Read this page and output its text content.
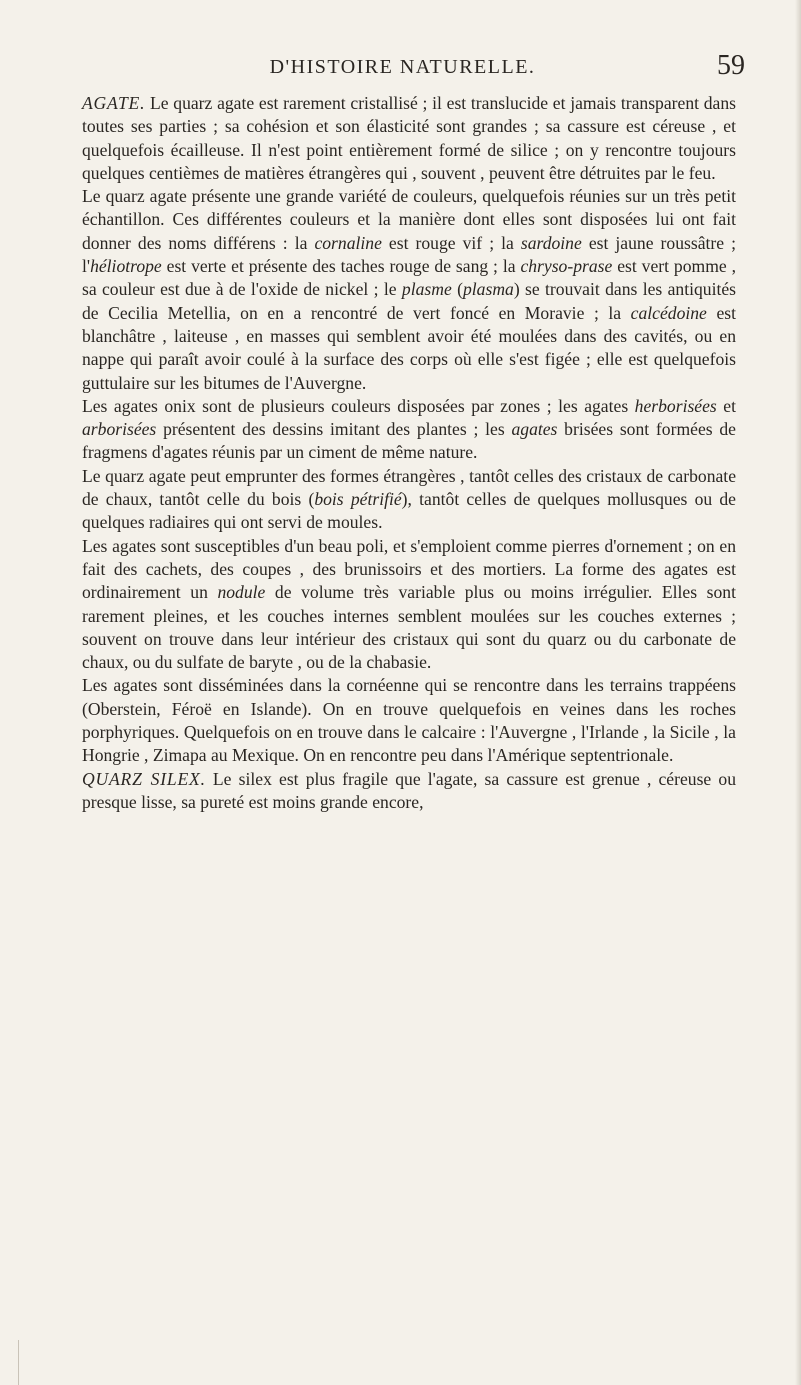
D'HISTOIRE NATURELLE.	59

AGATE. Le quarz agate est rarement cristallisé ; il est translucide et jamais transparent dans toutes ses parties ; sa cohésion et son élasticité sont grandes ; sa cassure est céreuse , et quelquefois écailleuse. Il n'est point entièrement formé de silice ; on y rencontre toujours quelques centièmes de matières étrangères qui , souvent , peuvent être détruites par le feu.

Le quarz agate présente une grande variété de couleurs, quelquefois réunies sur un très petit échantillon. Ces différentes couleurs et la manière dont elles sont disposées lui ont fait donner des noms différens : la cornaline est rouge vif ; la sardoine est jaune roussâtre ; l'héliotrope est verte et présente des taches rouge de sang ; la chryso-prase est vert pomme , sa couleur est due à de l'oxide de nickel ; le plasme (plasma) se trouvait dans les antiquités de Cecilia Metellia, on en a rencontré de vert foncé en Moravie ; la calcédoine est blanchâtre , laiteuse , en masses qui semblent avoir été moulées dans des cavités, ou en nappe qui paraît avoir coulé à la surface des corps où elle s'est figée ; elle est quelquefois guttulaire sur les bitumes de l'Auvergne.

Les agates onix sont de plusieurs couleurs disposées par zones ; les agates herborisées et arborisées présentent des dessins imitant des plantes ; les agates brisées sont formées de fragmens d'agates réunis par un ciment de même nature.

Le quarz agate peut emprunter des formes étrangères , tantôt celles des cristaux de carbonate de chaux, tantôt celle du bois (bois pétrifié), tantôt celles de quelques mollusques ou de quelques radiaires qui ont servi de moules.

Les agates sont susceptibles d'un beau poli, et s'emploient comme pierres d'ornement ; on en fait des cachets, des coupes , des brunissoirs et des mortiers. La forme des agates est ordinairement un nodule de volume très variable plus ou moins irrégulier. Elles sont rarement pleines, et les couches internes semblent moulées sur les couches externes ; souvent on trouve dans leur intérieur des cristaux qui sont du quarz ou du carbonate de chaux, ou du sulfate de baryte , ou de la chabasie.

Les agates sont disséminées dans la cornéenne qui se rencontre dans les terrains trappéens (Oberstein, Féroë en Islande). On en trouve quelquefois en veines dans les roches porphyriques. Quelquefois on en trouve dans le calcaire : l'Auvergne , l'Irlande , la Sicile , la Hongrie , Zimapa au Mexique. On en rencontre peu dans l'Amérique septentrionale.

QUARZ SILEX. Le silex est plus fragile que l'agate, sa cassure est grenue , céreuse ou presque lisse, sa pureté est moins grande encore,
